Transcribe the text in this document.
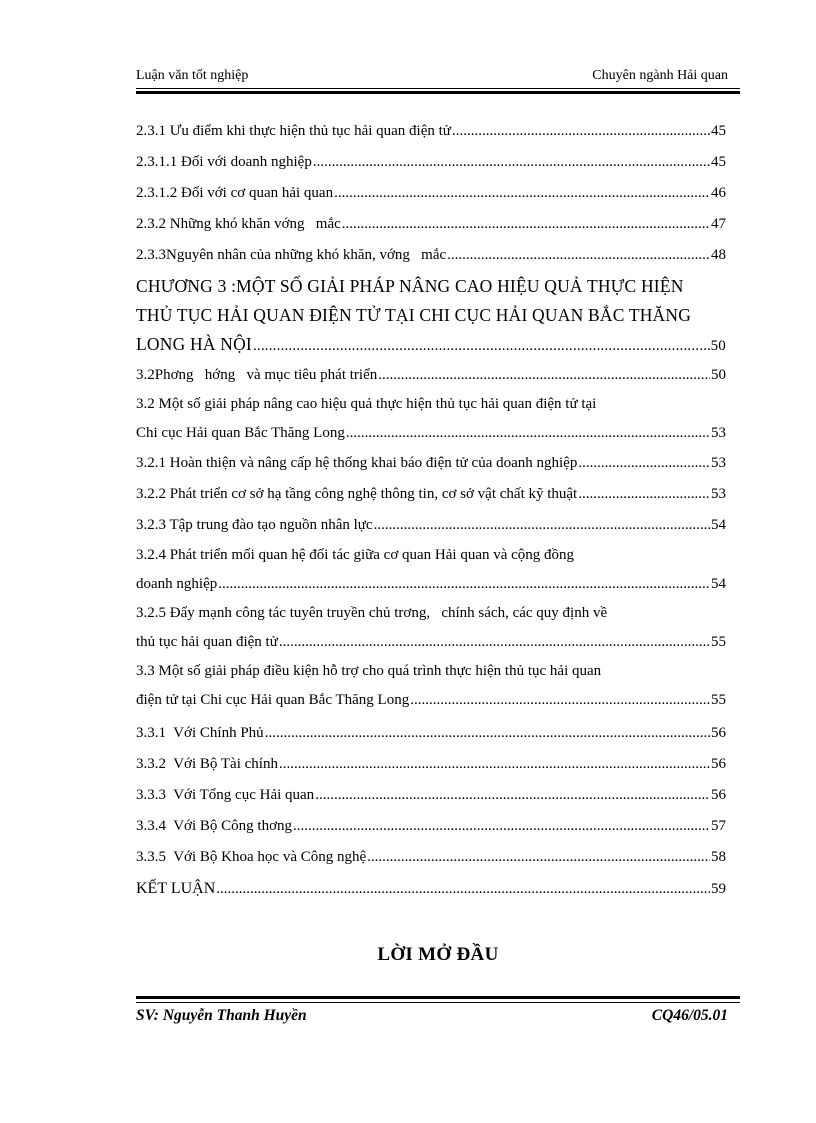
Luận văn tốt nghiệp	Chuyên ngành Hải quan
2.3.1 Ưu điểm khi thực hiện thủ tục hải quan điện tử .....	45
2.3.1.1 Đối với doanh nghiệp .....	45
2.3.1.2 Đối với cơ quan hải quan .....	46
2.3.2 Những khó khăn vớng   mắc .....	47
2.3.3Nguyên nhân của những khó khăn, vớng   mắc .....	48
CHƯƠNG 3 :MỘT SỐ GIẢI PHÁP NÂNG CAO HIỆU QUẢ THỰC HIỆN
THỦ TỤC HẢI QUAN ĐIỆN TỬ TẠI CHI CỤC HẢI QUAN BẮC THĂNG
LONG HÀ NỘI .....	50
3.2Phơng   hớng   và mục tiêu phát triển .....	50
3.2 Một số giải pháp nâng cao hiệu quả thực hiện thủ tục hải quan điện tử tại
Chi cục Hải quan Bắc Thăng Long .....	53
3.2.1 Hoàn thiện và nâng cấp hệ thống khai báo điện tử của doanh nghiệp .....	53
3.2.2 Phát triển cơ sở hạ tầng công nghệ thông tin, cơ sở vật chất kỹ thuật .....	53
3.2.3 Tập trung đào tạo nguồn nhân lực .....	54
3.2.4 Phát triển mối quan hệ đối tác giữa cơ quan Hải quan và cộng đồng
doanh nghiệp .....	54
3.2.5 Đẩy mạnh công tác tuyên truyền chủ trơng,   chính sách, các quy định về
thủ tục hải quan điện tử .....	55
3.3 Một số giải pháp điều kiện hỗ trợ cho quá trình thực hiện thủ tục hải quan
điện tử tại Chi cục Hải quan Bắc Thăng Long .....	55
3.3.1  Với Chính Phủ .....	56
3.3.2  Với Bộ Tài chính .....	56
3.3.3  Với Tổng cục Hải quan .....	56
3.3.4  Với Bộ Công thơng .....	57
3.3.5  Với Bộ Khoa học và Công nghệ .....	58
KẾT LUẬN .....	59
LỜI MỞ ĐẦU
SV: Nguyễn Thanh Huyền	CQ46/05.01
